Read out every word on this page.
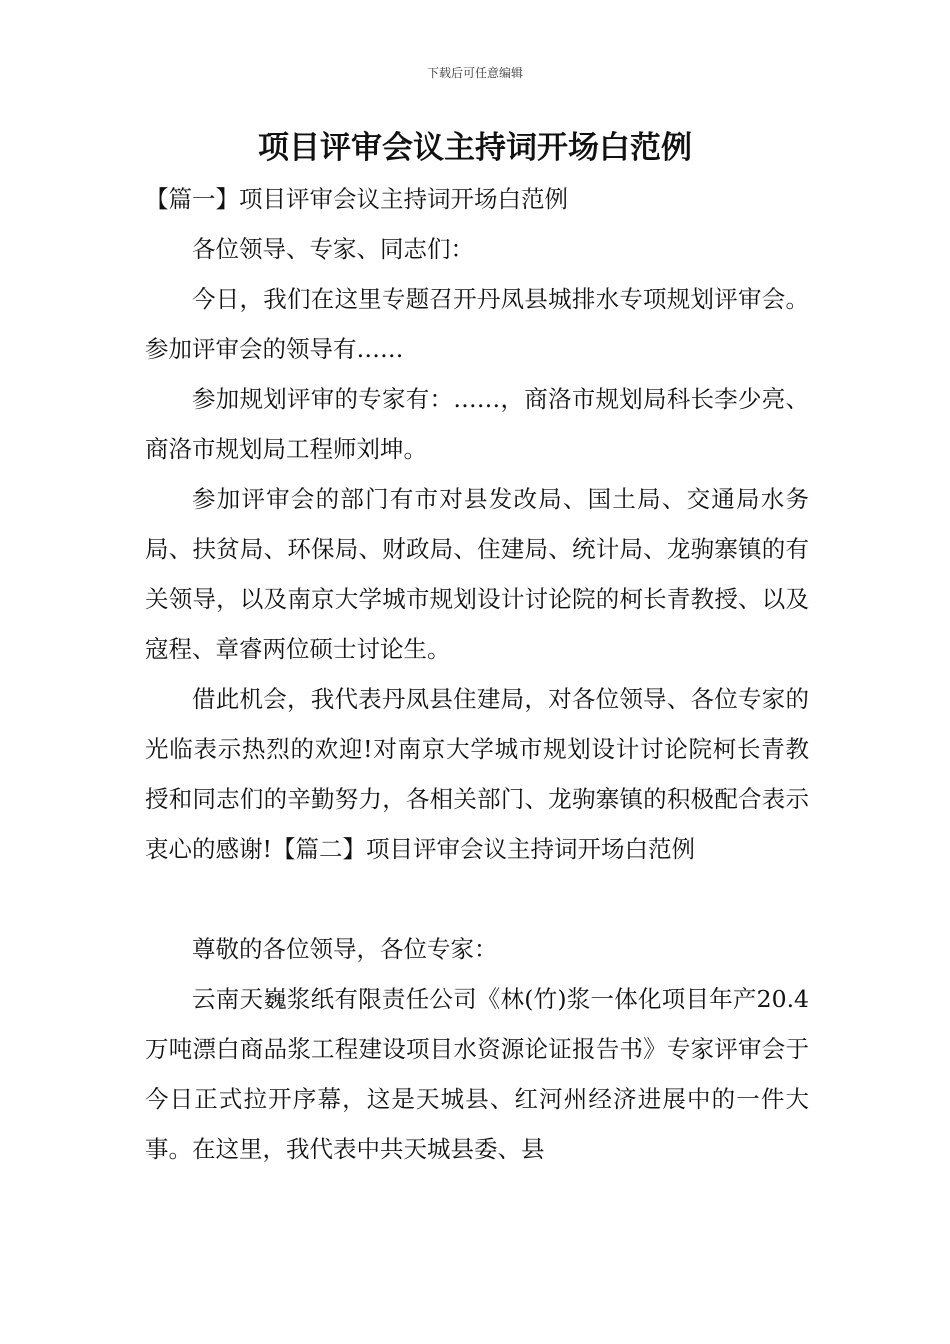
下载后可任意编辑
项目评审会议主持词开场白范例

【篇一】项目评审会议主持词开场白范例

各位领导、专家、同志们：

今日，我们在这里专题召开丹凤县城排水专项规划评审会。参加评审会的领导有……

参加规划评审的专家有：……，商洛市规划局科长李少亮、商洛市规划局工程师刘坤。

参加评审会的部门有市对县发改局、国土局、交通局水务局、扶贫局、环保局、财政局、住建局、统计局、龙驹寨镇的有关领导，以及南京大学城市规划设计讨论院的柯长青教授、以及寇程、章睿两位硕士讨论生。

借此机会，我代表丹凤县住建局，对各位领导、各位专家的光临表示热烈的欢迎!对南京大学城市规划设计讨论院柯长青教授和同志们的辛勤努力，各相关部门、龙驹寨镇的积极配合表示衷心的感谢!【篇二】项目评审会议主持词开场白范例

尊敬的各位领导，各位专家：

云南天巍浆纸有限责任公司《林(竹)浆一体化项目年产20.4万吨漂白商品浆工程建设项目水资源论证报告书》专家评审会于今日正式拉开序幕，这是天城县、红河州经济进展中的一件大事。在这里，我代表中共天城县委、县
